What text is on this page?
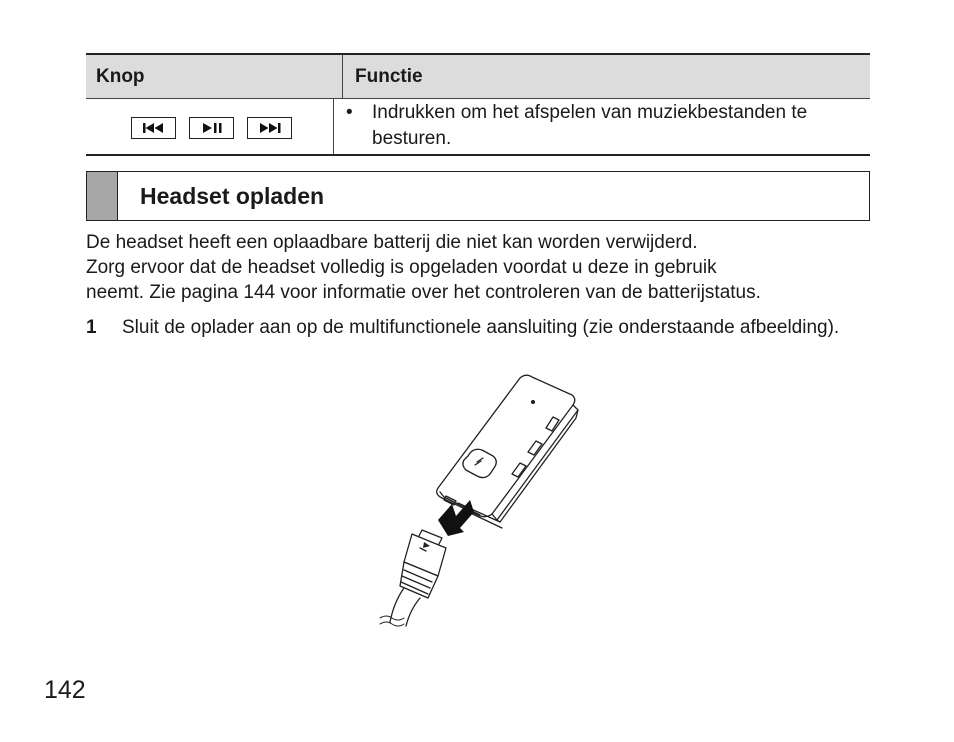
Knop	Functie
• Indrukken om het afspelen van muziekbestanden te besturen.
Headset opladen

De headset heeft een oplaadbare batterij die niet kan worden verwijderd.

Zorg ervoor dat de headset volledig is opgeladen voordat u deze in gebruik

neemt. Zie pagina 144 voor informatie over het controleren van de batterijstatus.

1 Sluit de oplader aan op de multifunctionele aansluiting (zie onderstaande afbeelding).
142
